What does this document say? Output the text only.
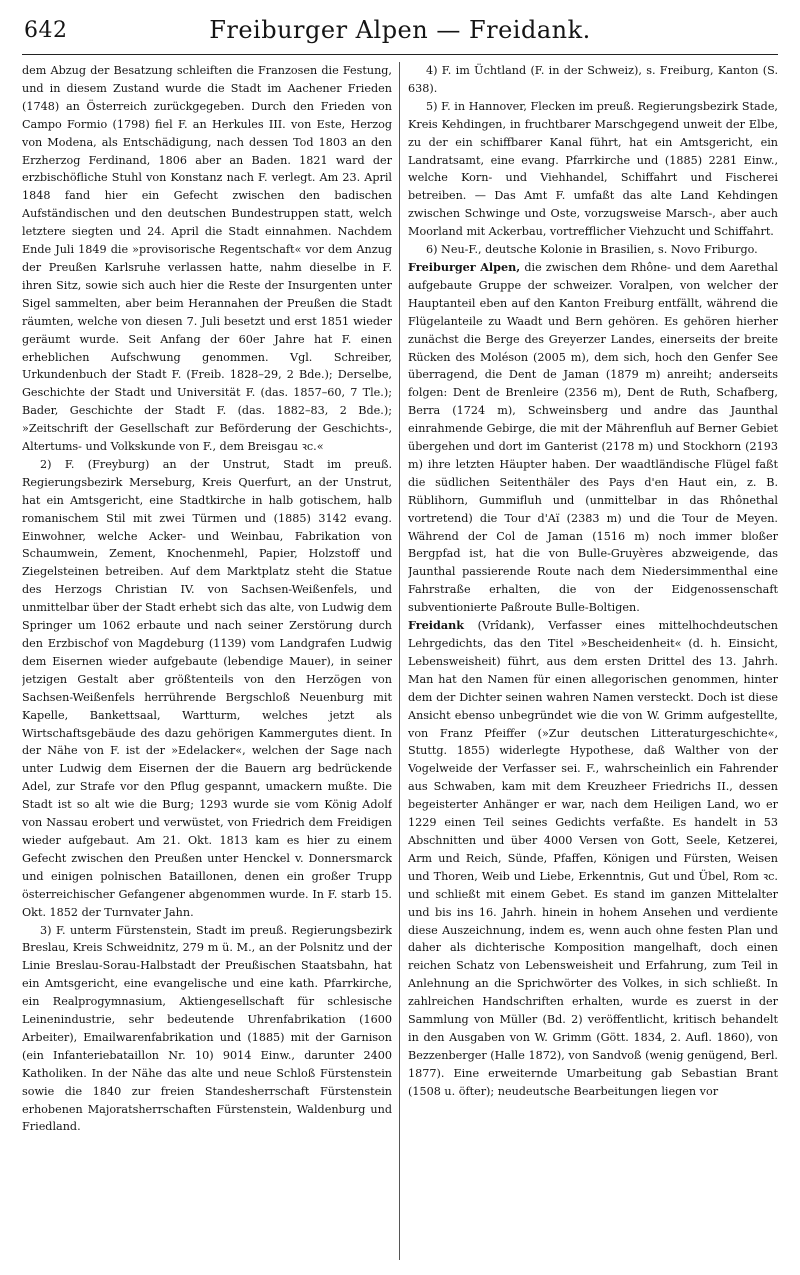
642	Freiburger Alpen — Freidank.

dem Abzug der Besatzung schleiften die Franzosen die Festung, und in diesem Zustand wurde die Stadt im Aachener Frieden (1748) an Österreich zurückgegeben. Durch den Frieden von Campo Formio (1798) fiel F. an Herkules III. von Este, Herzog von Modena, als Entschädigung, nach dessen Tod 1803 an den Erzherzog Ferdinand, 1806 aber an Baden. 1821 ward der erzbischöfliche Stuhl von Konstanz nach F. verlegt. Am 23. April 1848 fand hier ein Gefecht zwischen den badischen Aufständischen und den deutschen Bundestruppen statt, welch letztere siegten und 24. April die Stadt einnahmen. Nachdem Ende Juli 1849 die »provisorische Regentschaft« vor dem Anzug der Preußen Karlsruhe verlassen hatte, nahm dieselbe in F. ihren Sitz, sowie sich auch hier die Reste der Insurgenten unter Sigel sammelten, aber beim Herannahen der Preußen die Stadt räumten, welche von diesen 7. Juli besetzt und erst 1851 wieder geräumt wurde. Seit Anfang der 60er Jahre hat F. einen erheblichen Aufschwung genommen. Vgl. Schreiber, Urkundenbuch der Stadt F. (Freib. 1828–29, 2 Bde.); Derselbe, Geschichte der Stadt und Universität F. (das. 1857–60, 7 Tle.); Bader, Geschichte der Stadt F. (das. 1882–83, 2 Bde.); »Zeitschrift der Gesellschaft zur Beförderung der Geschichts-, Altertums- und Volkskunde von F., dem Breisgau ꝛc.«

2) F. (Freyburg) an der Unstrut, Stadt im preuß. Regierungsbezirk Merseburg, Kreis Querfurt, an der Unstrut, hat ein Amtsgericht, eine Stadtkirche in halb gotischem, halb romanischem Stil mit zwei Türmen und (1885) 3142 evang. Einwohner, welche Acker- und Weinbau, Fabrikation von Schaumwein, Zement, Knochenmehl, Papier, Holzstoff und Ziegelsteinen betreiben. Auf dem Marktplatz steht die Statue des Herzogs Christian IV. von Sachsen-Weißenfels, und unmittelbar über der Stadt erhebt sich das alte, von Ludwig dem Springer um 1062 erbaute und nach seiner Zerstörung durch den Erzbischof von Magdeburg (1139) vom Landgrafen Ludwig dem Eisernen wieder aufgebaute (lebendige Mauer), in seiner jetzigen Gestalt aber größtenteils von den Herzögen von Sachsen-Weißenfels herrührende Bergschloß Neuenburg mit Kapelle, Bankettsaal, Wartturm, welches jetzt als Wirtschaftsgebäude des dazu gehörigen Kammergutes dient. In der Nähe von F. ist der »Edelacker«, welchen der Sage nach unter Ludwig dem Eisernen der die Bauern arg bedrückende Adel, zur Strafe vor den Pflug gespannt, umackern mußte. Die Stadt ist so alt wie die Burg; 1293 wurde sie vom König Adolf von Nassau erobert und verwüstet, von Friedrich dem Freidigen wieder aufgebaut. Am 21. Okt. 1813 kam es hier zu einem Gefecht zwischen den Preußen unter Henckel v. Donnersmarck und einigen polnischen Bataillonen, denen ein großer Trupp österreichischer Gefangener abgenommen wurde. In F. starb 15. Okt. 1852 der Turnvater Jahn.

3) F. unterm Fürstenstein, Stadt im preuß. Regierungsbezirk Breslau, Kreis Schweidnitz, 279 m ü. M., an der Polsnitz und der Linie Breslau-Sorau-Halbstadt der Preußischen Staatsbahn, hat ein Amtsgericht, eine evangelische und eine kath. Pfarrkirche, ein Realprogymnasium, Aktiengesellschaft für schlesische Leinenindustrie, sehr bedeutende Uhrenfabrikation (1600 Arbeiter), Emailwarenfabrikation und (1885) mit der Garnison (ein Infanteriebataillon Nr. 10) 9014 Einw., darunter 2400 Katholiken. In der Nähe das alte und neue Schloß Fürstenstein sowie die 1840 zur freien Standesherrschaft Fürstenstein erhobenen Majoratsherrschaften Fürstenstein, Waldenburg und Friedland.

4) F. im Üchtland (F. in der Schweiz), s. Freiburg, Kanton (S. 638).

5) F. in Hannover, Flecken im preuß. Regierungsbezirk Stade, Kreis Kehdingen, in fruchtbarer Marschgegend unweit der Elbe, zu der ein schiffbarer Kanal führt, hat ein Amtsgericht, ein Landratsamt, eine evang. Pfarrkirche und (1885) 2281 Einw., welche Korn- und Viehhandel, Schiffahrt und Fischerei betreiben. — Das Amt F. umfaßt das alte Land Kehdingen zwischen Schwinge und Oste, vorzugsweise Marsch-, aber auch Moorland mit Ackerbau, vortrefflicher Viehzucht und Schiffahrt.

6) Neu-F., deutsche Kolonie in Brasilien, s. Novo Friburgo.

Freiburger Alpen, die zwischen dem Rhône- und dem Aarethal aufgebaute Gruppe der schweizer. Voralpen, von welcher der Hauptanteil eben auf den Kanton Freiburg entfällt, während die Flügelanteile zu Waadt und Bern gehören. Es gehören hierher zunächst die Berge des Greyerzer Landes, einerseits der breite Rücken des Moléson (2005 m), dem sich, hoch den Genfer See überragend, die Dent de Jaman (1879 m) anreiht; anderseits folgen: Dent de Brenleire (2356 m), Dent de Ruth, Schafberg, Berra (1724 m), Schweinsberg und andre das Jaunthal einrahmende Gebirge, die mit der Mährenfluh auf Berner Gebiet übergehen und dort im Ganterist (2178 m) und Stockhorn (2193 m) ihre letzten Häupter haben. Der waadtländische Flügel faßt die südlichen Seitenthäler des Pays d'en Haut ein, z. B. Rüblihorn, Gummifluh und (unmittelbar in das Rhônethal vortretend) die Tour d'Aï (2383 m) und die Tour de Meyen. Während der Col de Jaman (1516 m) noch immer bloßer Bergpfad ist, hat die von Bulle-Gruyères abzweigende, das Jaunthal passierende Route nach dem Niedersimmenthal eine Fahrstraße erhalten, die von der Eidgenossenschaft subventionierte Paßroute Bulle-Boltigen.

Freidank (Vrîdank), Verfasser eines mittelhochdeutschen Lehrgedichts, das den Titel »Bescheidenheit« (d. h. Einsicht, Lebensweisheit) führt, aus dem ersten Drittel des 13. Jahrh. Man hat den Namen für einen allegorischen genommen, hinter dem der Dichter seinen wahren Namen versteckt. Doch ist diese Ansicht ebenso unbegründet wie die von W. Grimm aufgestellte, von Franz Pfeiffer (»Zur deutschen Litteraturgeschichte«, Stuttg. 1855) widerlegte Hypothese, daß Walther von der Vogelweide der Verfasser sei. F., wahrscheinlich ein Fahrender aus Schwaben, kam mit dem Kreuzheer Friedrichs II., dessen begeisterter Anhänger er war, nach dem Heiligen Land, wo er 1229 einen Teil seines Gedichts verfaßte. Es handelt in 53 Abschnitten und über 4000 Versen von Gott, Seele, Ketzerei, Arm und Reich, Sünde, Pfaffen, Königen und Fürsten, Weisen und Thoren, Weib und Liebe, Erkenntnis, Gut und Übel, Rom ꝛc. und schließt mit einem Gebet. Es stand im ganzen Mittelalter und bis ins 16. Jahrh. hinein in hohem Ansehen und verdiente diese Auszeichnung, indem es, wenn auch ohne festen Plan und daher als dichterische Komposition mangelhaft, doch einen reichen Schatz von Lebensweisheit und Erfahrung, zum Teil in Anlehnung an die Sprichwörter des Volkes, in sich schließt. In zahlreichen Handschriften erhalten, wurde es zuerst in der Sammlung von Müller (Bd. 2) veröffentlicht, kritisch behandelt in den Ausgaben von W. Grimm (Gött. 1834, 2. Aufl. 1860), von Bezzenberger (Halle 1872), von Sandvoß (wenig genügend, Berl. 1877). Eine erweiternde Umarbeitung gab Sebastian Brant (1508 u. öfter); neudeutsche Bearbeitungen liegen vor
